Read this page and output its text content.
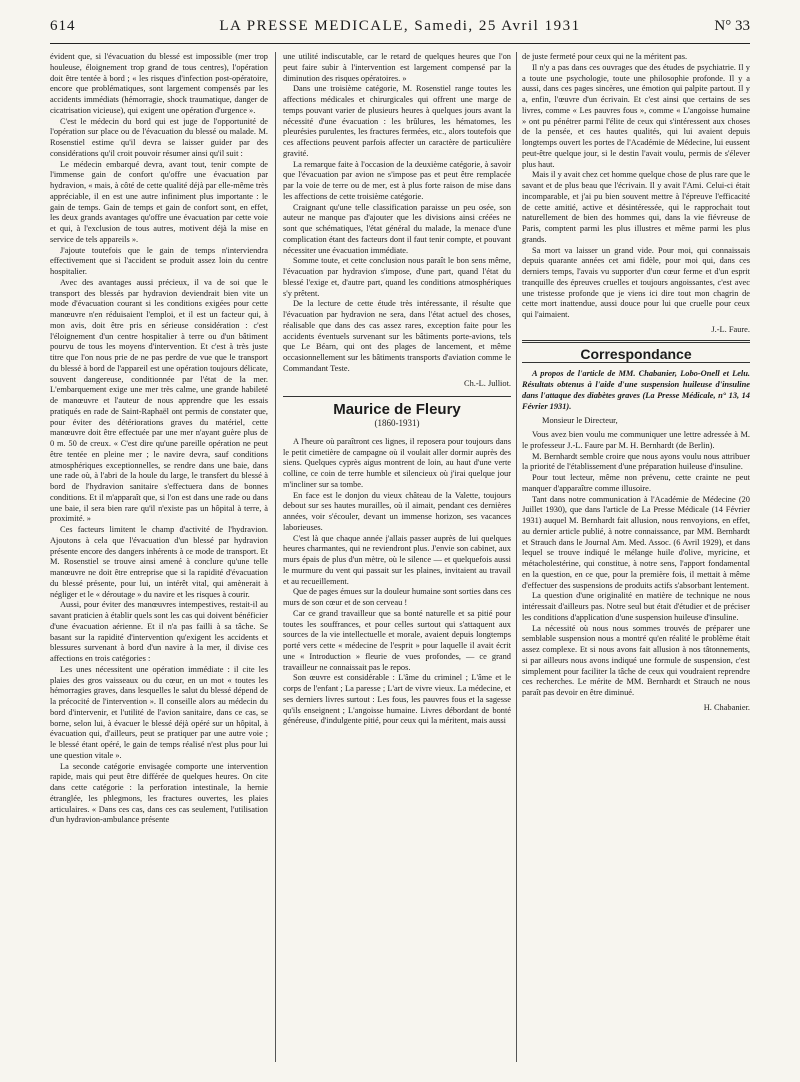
614	LA PRESSE MEDICALE, Samedi, 25 Avril 1931	N° 33

évident que, si l'évacuation du blessé est impossible (mer trop houleuse, éloignement trop grand de tous centres), l'opération doit être tentée à bord ; « les risques d'infection post-opératoire, encore que problématiques, sont largement compensés par les accidents immédiats (hémorragie, shock traumatique, danger de cicatrisation vicieuse), qui exigent une opération d'urgence ».

C'est le médecin du bord qui est juge de l'opportunité de l'opération sur place ou de l'évacuation du blessé ou malade. M. Rosenstiel estime qu'il devra se laisser guider par des considérations qu'il croit pouvoir résumer ainsi qu'il suit :

Le médecin embarqué devra, avant tout, tenir compte de l'immense gain de confort qu'offre une évacuation par hydravion, « mais, à côté de cette qualité déjà par elle-même très appréciable, il en est une autre infiniment plus importante : le gain de temps. Gain de temps et gain de confort sont, en effet, les deux grands avantages qu'offre une évacuation par cette voie et qui, à l'exclusion de tous autres, motivent déjà la mise en service de tels appareils ».

J'ajoute toutefois que le gain de temps n'interviendra effectivement que si l'accident se produit assez loin du centre hospitalier.

Avec des avantages aussi précieux, il va de soi que le transport des blessés par hydravion deviendrait bien vite un mode d'évacuation courant si les conditions exigées pour cette manœuvre n'en réduisaient l'emploi, et il est un facteur qui, à mon avis, doit être pris en sérieuse considération : c'est l'éloignement d'un centre hospitalier à terre ou d'un bâtiment pourvu de tous les moyens d'intervention. Et c'est à très juste titre que l'on nous prie de ne pas perdre de vue que le transport du blessé à bord de l'appareil est une opération toujours délicate, souvent dangereuse, conditionnée par l'état de la mer. L'embarquement exige une mer très calme, une grande habileté de manœuvre et l'auteur de nous apprendre que les essais pratiqués en rade de Saint-Raphaël ont permis de constater que, pour éviter des détériorations graves du matériel, cette manœuvre doit être effectuée par une mer n'ayant guère plus de 0 m. 50 de creux. « C'est dire qu'une pareille opération ne peut être tentée en pleine mer ; le navire devra, sauf conditions atmosphériques exceptionnelles, se rendre dans une baie, dans une rade où, à l'abri de la houle du large, le transfert du blessé à bord de l'hydravion sanitaire s'effectuera dans de bonnes conditions. Et il m'apparaît que, si l'on est dans une rade ou dans une baie, il sera bien rare qu'il n'existe pas un hôpital à terre, à proximité. »

Ces facteurs limitent le champ d'activité de l'hydravion. Ajoutons à cela que l'évacuation d'un blessé par hydravion présente encore des dangers inhérents à ce mode de transport. Et M. Rosenstiel se trouve ainsi amené à conclure qu'une telle manœuvre ne doit être entreprise que si la rapidité d'évacuation du blessé présente, pour lui, un intérêt vital, qui amènerait à négliger et le « déroutage » du navire et les risques à courir.

Aussi, pour éviter des manœuvres intempestives, restait-il au savant praticien à établir quels sont les cas qui doivent bénéficier d'une évacuation aérienne. Et il n'a pas failli à sa tâche. Se basant sur la rapidité d'intervention qu'exigent les accidents et blessures survenant à bord d'un navire à la mer, il divise ces affections en trois catégories :

Les unes nécessitent une opération immédiate : il cite les plaies des gros vaisseaux ou du cœur, en un mot « toutes les hémorragies graves, dans lesquelles le salut du blessé dépend de la précocité de l'intervention ». Il conseille alors au médecin du bord d'intervenir, et l'utilité de l'avion sanitaire, dans ce cas, se borne, selon lui, à évacuer le blessé déjà opéré sur un hôpital, à évacuation qui, d'ailleurs, peut se pratiquer par une autre voie ; le blessé étant opéré, le gain de temps réalisé n'est plus pour lui une question vitale ».

La seconde catégorie envisagée comporte une intervention rapide, mais qui peut être différée de quelques heures. On cite dans cette catégorie : la perforation intestinale, la hernie étranglée, les phlegmons, les fractures ouvertes, les plaies articulaires. « Dans ces cas, dans ces cas seulement, l'utilisation d'un hydravion-ambulance présente

une utilité indiscutable, car le retard de quelques heures que l'on peut faire subir à l'intervention est largement compensé par la diminution des risques opératoires. »

Dans une troisième catégorie, M. Rosenstiel range toutes les affections médicales et chirurgicales qui offrent une marge de temps pouvant varier de plusieurs heures à quelques jours avant la nécessité d'une évacuation : les brûlures, les hématomes, les pleurésies purulentes, les fractures fermées, etc., alors toutefois que ces affections peuvent parfois affecter un caractère de particulière gravité.

La remarque faite à l'occasion de la deuxième catégorie, à savoir que l'évacuation par avion ne s'impose pas et peut être remplacée par la voie de terre ou de mer, est à plus forte raison de mise dans les affections de cette troisième catégorie.

Craignant qu'une telle classification paraisse un peu osée, son auteur ne manque pas d'ajouter que les divisions ainsi créées ne sont que schématiques, l'état général du malade, la menace d'une complication étant des facteurs dont il faut tenir compte, et pouvant nécessiter une évacuation immédiate.

Somme toute, et cette conclusion nous paraît le bon sens même, l'évacuation par hydravion s'impose, d'une part, quand l'état du blessé l'exige et, d'autre part, quand les conditions atmosphériques s'y prêtent.

De la lecture de cette étude très intéressante, il résulte que l'évacuation par hydravion ne sera, dans l'état actuel des choses, réalisable que dans des cas assez rares, exception faite pour les accidents éventuels survenant sur les bâtiments porte-avions, tels que Le Béarn, qui ont des plages de lancement, et même occasionnellement sur les bâtiments transports d'aviation comme le Commandant Teste.

Ch.-L. Julliot.

Maurice de Fleury
(1860-1931)

A l'heure où paraîtront ces lignes, il reposera pour toujours dans le petit cimetière de campagne où il voulait aller dormir auprès des siens. Quelques cyprès aigus montrent de loin, au haut d'une verte colline, ce coin de terre humble et silencieux où j'irai quelque jour m'incliner sur sa tombe.

En face est le donjon du vieux château de la Valette, toujours debout sur ses hautes murailles, où il aimait, pendant ces dernières années, voir s'écouler, devant un immense horizon, ses vacances laborieuses.

C'est là que chaque année j'allais passer auprès de lui quelques heures charmantes, qui ne reviendront plus. J'envie son cabinet, aux murs épais de plus d'un mètre, où le silence — et quelquefois aussi le murmure du vent qui passait sur les plaines, invitaient au travail et au recueillement.

Que de pages émues sur la douleur humaine sont sorties dans ces murs de son cœur et de son cerveau !

Car ce grand travailleur que sa bonté naturelle et sa pitié pour toutes les souffrances, et pour celles surtout qui s'attaquent aux sources de la vie intellectuelle et morale, avaient depuis longtemps porté vers cette « médecine de l'esprit » pour laquelle il avait écrit une « Introduction » fleurie de vues profondes, — ce grand travailleur ne connaissait pas le repos.

Son œuvre est considérable : L'âme du criminel ; L'âme et le corps de l'enfant ; La paresse ; L'art de vivre vieux. La médecine, et ses derniers livres surtout : Les fous, les pauvres fous et la sagesse qu'ils enseignent ; L'angoisse humaine. Livres débordant de bonté généreuse, d'indulgente pitié, pour ceux qui la méritent, mais aussi

de juste fermeté pour ceux qui ne la méritent pas.

Il n'y a pas dans ces ouvrages que des études de psychiatrie. Il y a toute une psychologie, toute une philosophie profonde. Il y a aussi, dans ces pages sincères, une émotion qui palpite partout. Il y a, enfin, l'œuvre d'un écrivain. Et c'est ainsi que certains de ses livres, comme « Les pauvres fous », comme « L'angoisse humaine » ont pu pénétrer parmi l'élite de ceux qui s'intéressent aux choses de la pensée, et ces hautes qualités, qui lui avaient depuis longtemps ouvert les portes de l'Académie de Médecine, lui eussent peut-être quelque jour, si le destin l'avait voulu, permis de s'élever plus haut.

Mais il y avait chez cet homme quelque chose de plus rare que le savant et de plus beau que l'écrivain. Il y avait l'Ami. Celui-ci était incomparable, et j'ai pu bien souvent mettre à l'épreuve l'efficacité de cette amitié, active et désintéressée, qui le rapprochait tout naturellement de bien des hommes qui, dans la vie fiévreuse de Paris, comptent parmi les plus illustres et même parmi les plus grands.

Sa mort va laisser un grand vide. Pour moi, qui connaissais depuis quarante années cet ami fidèle, pour moi qui, dans ces derniers temps, l'avais vu supporter d'un cœur ferme et d'un esprit tranquille des épreuves cruelles et toujours angoissantes, c'est avec une tristesse profonde que je viens ici dire tout mon chagrin de cette mort inattendue, aussi douce pour lui que cruelle pour ceux qui l'aimaient.

J.-L. Faure.

Correspondance

A propos de l'article de MM. Chabanier, Lobo-Onell et Lelu. Résultats obtenus à l'aide d'une suspension huileuse d'insuline dans l'attaque des diabètes graves (La Presse Médicale, n° 13, 14 Février 1931).

Monsieur le Directeur,

Vous avez bien voulu me communiquer une lettre adressée à M. le professeur J.-L. Faure par M. H. Bernhardt (de Berlin).

M. Bernhardt semble croire que nous ayons voulu nous attribuer la priorité de l'établissement d'une préparation huileuse d'insuline.

Pour tout lecteur, même non prévenu, cette crainte ne peut manquer d'apparaître comme illusoire.

Tant dans notre communication à l'Académie de Médecine (20 Juillet 1930), que dans l'article de La Presse Médicale (14 Février 1931) auquel M. Bernhardt fait allusion, nous renvoyions, en effet, au dernier article publié, à notre connaissance, par MM. Bernhardt et Strauch dans le Journal Am. Med. Assoc. (6 Avril 1929), et dans lequel se trouve indiqué le mélange huile d'olive, myricine, et métacholestérine, qui constitue, à notre sens, l'apport fondamental en la question, en ce que, pour la première fois, il mettait à même d'effectuer des suspensions de produits actifs s'absorbant lentement.

La question d'une originalité en matière de technique ne nous intéressait d'ailleurs pas. Notre seul but était d'étudier et de préciser les conditions d'application d'une suspension huileuse d'insuline.

La nécessité où nous nous sommes trouvés de préparer une semblable suspension nous a montré qu'en réalité le problème était assez complexe. Et si nous avons fait allusion à nos tâtonnements, si par ailleurs nous avons indiqué une formule de suspension, c'est simplement pour faciliter la tâche de ceux qui voudraient reprendre ces recherches. Le mérite de MM. Bernhardt et Strauch ne nous paraît pas devoir en être diminué.

H. Chabanier.
